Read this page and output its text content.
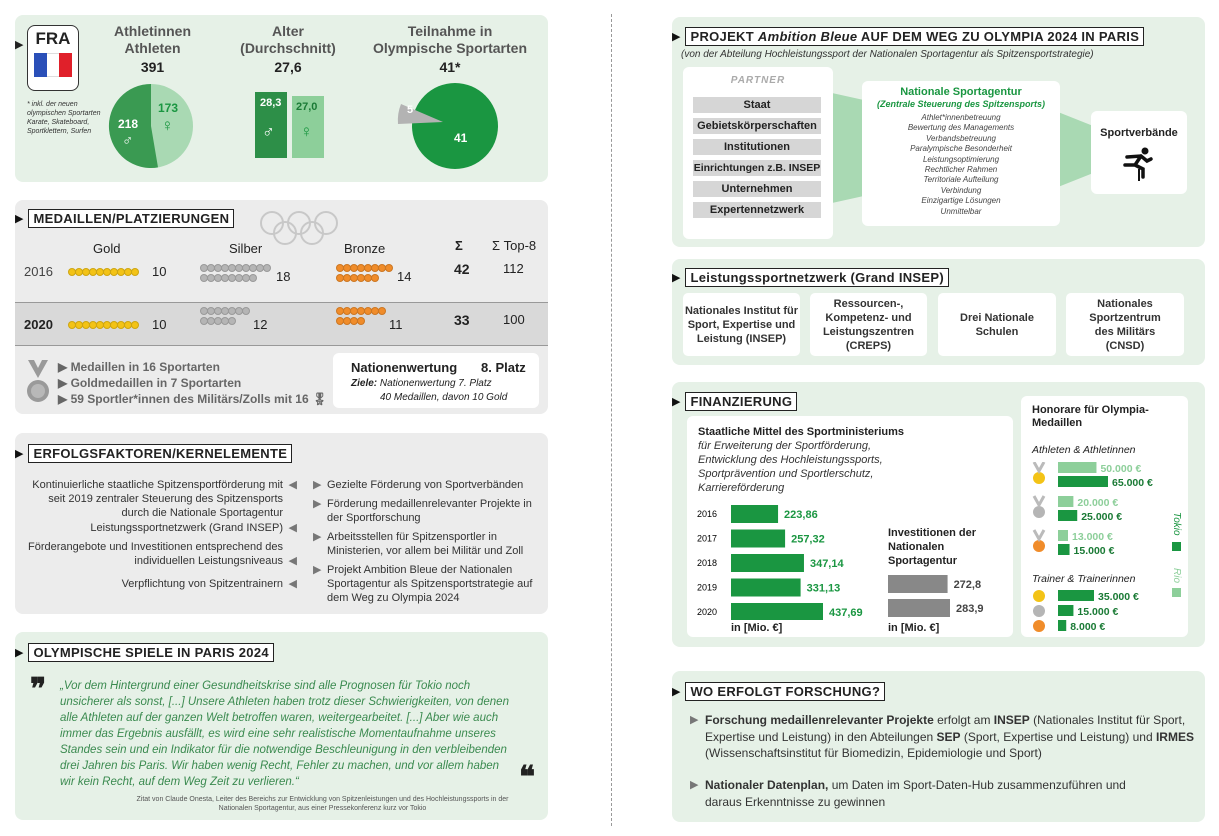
▶ FRA
* inkl. der neuen olympischen Sportarten Karate, Skateboard, Sportklettern, Surfen
Athletinnen Athleten
391
218
♂
173
♀
Alter (Durchschnitt)
27,6
28,3 27,0
♂ ♀
Teilnahme in Olympische Sportarten
41*
5
41
▶ MEDAILLEN/PLATZIERUNGEN
Gold	Silber	Bronze	Σ Σ Top-8
2016	10	18	14	42	112
2020	10	12	11	33	100
▶ Medaillen in 16 Sportarten
▶ Goldmedaillen in 7 Sportarten
▶ 59 Sportler*innen des Militärs/Zolls mit 16 🎖
Nationenwertung 8. Platz
Ziele: Nationenwertung 7. Platz
40 Medaillen, davon 10 Gold
▶ ERFOLGSFAKTOREN/KERNELEMENTE
Kontinuierliche staatliche Spitzensportförderung mit seit 2019 zentraler Steuerung des Spitzensports durch die Nationale Sportagentur
◀
Leistungssportnetzwerk (Grand INSEP) ◀
Förderangebote und Investitionen entsprechend des individuellen Leistungsniveaus ◀
Verpflichtung von Spitzentrainern ◀
▶ Gezielte Förderung von Sportverbänden
▶ Förderung medaillenrelevanter Projekte in der Sportforschung
▶ Arbeitsstellen für Spitzensportler in Ministerien, vor allem bei Militär und Zoll
▶ Projekt Ambition Bleue der Nationalen Sportagentur als Spitzensportstrategie auf dem Weg zu Olympia 2024
▶ OLYMPISCHE SPIELE IN PARIS 2024
❞ „Vor dem Hintergrund einer Gesundheitskrise sind alle Prognosen für Tokio noch unsicherer als sonst, [...] Unsere Athleten haben trotz dieser Schwierigkeiten, von denen alle Athleten auf der ganzen Welt betroffen waren, weitergearbeitet. [...] Aber wie auch immer das Ergebnis ausfällt, es wird eine sehr realistische Momentaufnahme unseres Standes sein und ein Indikator für die notwendige Beschleunigung in den verbleibenden drei Jahren bis Paris. Wir haben wenig Recht, Fehler zu machen, und vor allem haben wir kein Recht, auf dem Weg Zeit zu verlieren.“	❝
Zitat von Claude Onesta, Leiter des Bereichs zur Entwicklung von Spitzenleistungen und des Hochleistungssports in der Nationalen Sportagentur, aus einer Pressekonferenz kurz vor Tokio
▶ PROJEKT Ambition Bleue AUF DEM WEG ZU OLYMPIA 2024 IN PARIS
(von der Abteilung Hochleistungssport der Nationalen Sportagentur als Spitzensportstrategie)
PARTNER
Staat
Gebietskörperschaften
Institutionen
Einrichtungen z.B. INSEP
Unternehmen
Expertennetzwerk
Nationale Sportagentur
(Zentrale Steuerung des Spitzensports)
Athlet*innenbetreuung
Bewertung des Managements
Verbandsbetreuung
Paralympische Besonderheit
Leistungsoptimierung
Rechtlicher Rahmen
Territoriale Aufteilung
Verbindung
Einzigartige Lösungen
Unmittelbar
Sportverbände
▶ Leistungssportnetzwerk (Grand INSEP)
Nationales Institut für Sport, Expertise und Leistung (INSEP)
Ressourcen-, Kompetenz- und Leistungszentren (CREPS)
Drei Nationale Schulen
Nationales Sportzentrum des Militärs (CNSD)
▶ FINANZIERUNG
Staatliche Mittel des Sportministeriums
für Erweiterung der Sportförderung, Entwicklung des Hochleistungssports, Sportprävention und Sportlerschutz, Karriereförderung
2016	223,86
2017	257,32
2018	347,14
2019	331,13
2020	437,69
in [Mio. €]
Investitionen der Nationalen Sportagentur
272,8
283,9
in [Mio. €]
Honorare für Olympia-Medaillen
Athleten & Athletinnen
Trainer & Trainerinnen
50.000 €
65.000 €
20.000 €
25.000 €
13.000 €
15.000 €
35.000 €
15.000 €
8.000 €
Tokio
Rio
▶ WO ERFOLGT FORSCHUNG?
▶ Forschung medaillenrelevanter Projekte erfolgt am INSEP (Nationales Institut für Sport, Expertise und Leistung) in den Abteilungen SEP (Sport, Expertise und Leistung) und IRMES (Wissenschaftsinstitut für Biomedizin, Epidemiologie und Sport)
▶ Nationaler Datenplan, um Daten im Sport-Daten-Hub zusammenzuführen und daraus Erkenntnisse zu gewinnen
